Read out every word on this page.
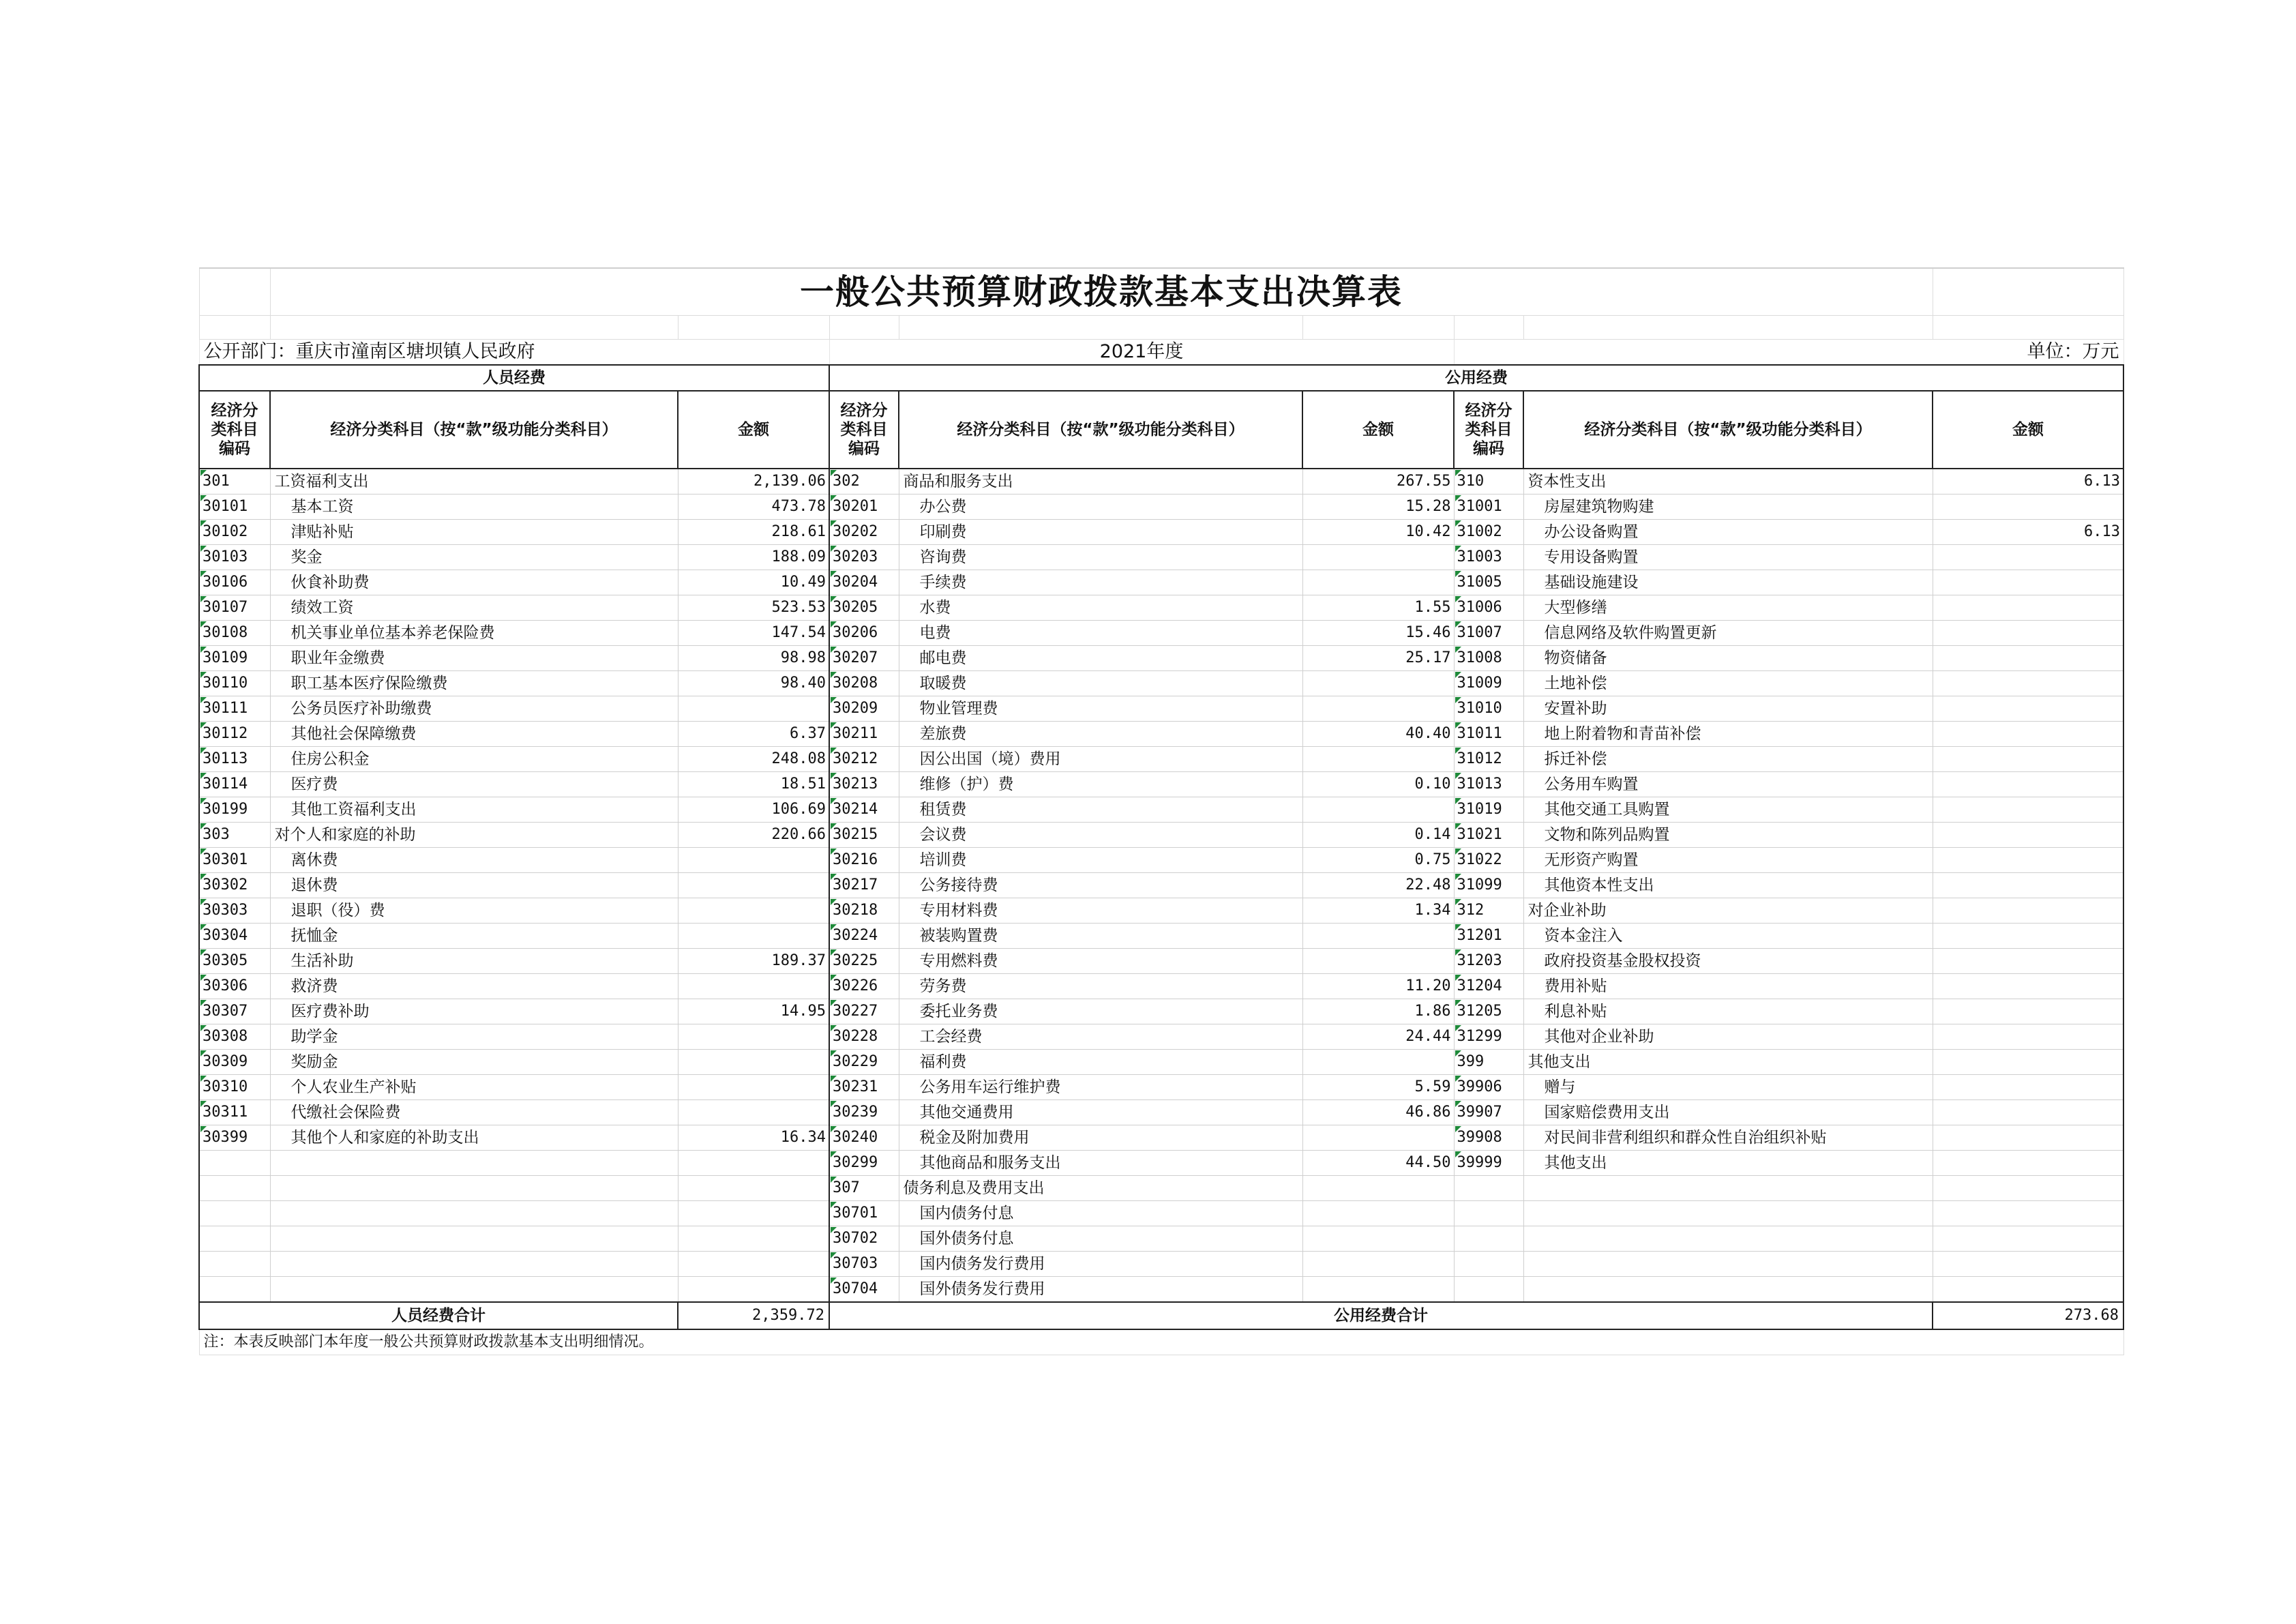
	一般公共预算财政拨款基本支出决算表							

公开部门：重庆市潼南区塘坝镇人民政府			2021年度			单位：万元		
人员经费			公用经费					
经济分类科目编码	经济分类科目（按“款”级功能分类科目）	金额	经济分类科目编码	经济分类科目（按“款”级功能分类科目）	金额	经济分类科目编码	经济分类科目（按“款”级功能分类科目）	金额
301	工资福利支出	2,139.06	302	商品和服务支出	267.55	310	资本性支出	6.13
30101	基本工资	473.78	30201	办公费	15.28	31001	房屋建筑物购建	
30102	津贴补贴	218.61	30202	印刷费	10.42	31002	办公设备购置	6.13
30103	奖金	188.09	30203	咨询费		31003	专用设备购置	
30106	伙食补助费	10.49	30204	手续费		31005	基础设施建设	
30107	绩效工资	523.53	30205	水费	1.55	31006	大型修缮	
30108	机关事业单位基本养老保险费	147.54	30206	电费	15.46	31007	信息网络及软件购置更新	
30109	职业年金缴费	98.98	30207	邮电费	25.17	31008	物资储备	
30110	职工基本医疗保险缴费	98.40	30208	取暖费		31009	土地补偿	
30111	公务员医疗补助缴费		30209	物业管理费		31010	安置补助	
30112	其他社会保障缴费	6.37	30211	差旅费	40.40	31011	地上附着物和青苗补偿	
30113	住房公积金	248.08	30212	因公出国（境）费用		31012	拆迁补偿	
30114	医疗费	18.51	30213	维修（护）费	0.10	31013	公务用车购置	
30199	其他工资福利支出	106.69	30214	租赁费		31019	其他交通工具购置	
303	对个人和家庭的补助	220.66	30215	会议费	0.14	31021	文物和陈列品购置	
30301	离休费		30216	培训费	0.75	31022	无形资产购置	
30302	退休费		30217	公务接待费	22.48	31099	其他资本性支出	
30303	退职（役）费		30218	专用材料费	1.34	312	对企业补助	
30304	抚恤金		30224	被装购置费		31201	资本金注入	
30305	生活补助	189.37	30225	专用燃料费		31203	政府投资基金股权投资	
30306	救济费		30226	劳务费	11.20	31204	费用补贴	
30307	医疗费补助	14.95	30227	委托业务费	1.86	31205	利息补贴	
30308	助学金		30228	工会经费	24.44	31299	其他对企业补助	
30309	奖励金		30229	福利费		399	其他支出	
30310	个人农业生产补贴		30231	公务用车运行维护费	5.59	39906	赠与	
30311	代缴社会保险费		30239	其他交通费用	46.86	39907	国家赔偿费用支出	
30399	其他个人和家庭的补助支出	16.34	30240	税金及附加费用		39908	对民间非营利组织和群众性自治组织补贴	
			30299	其他商品和服务支出	44.50	39999	其他支出	
			307	债务利息及费用支出				
			30701	国内债务付息				
			30702	国外债务付息				
			30703	国内债务发行费用				
			30704	国外债务发行费用				
人员经费合计		2,359.72	公用经费合计					273.68
注：本表反映部门本年度一般公共预算财政拨款基本支出明细情况。								
